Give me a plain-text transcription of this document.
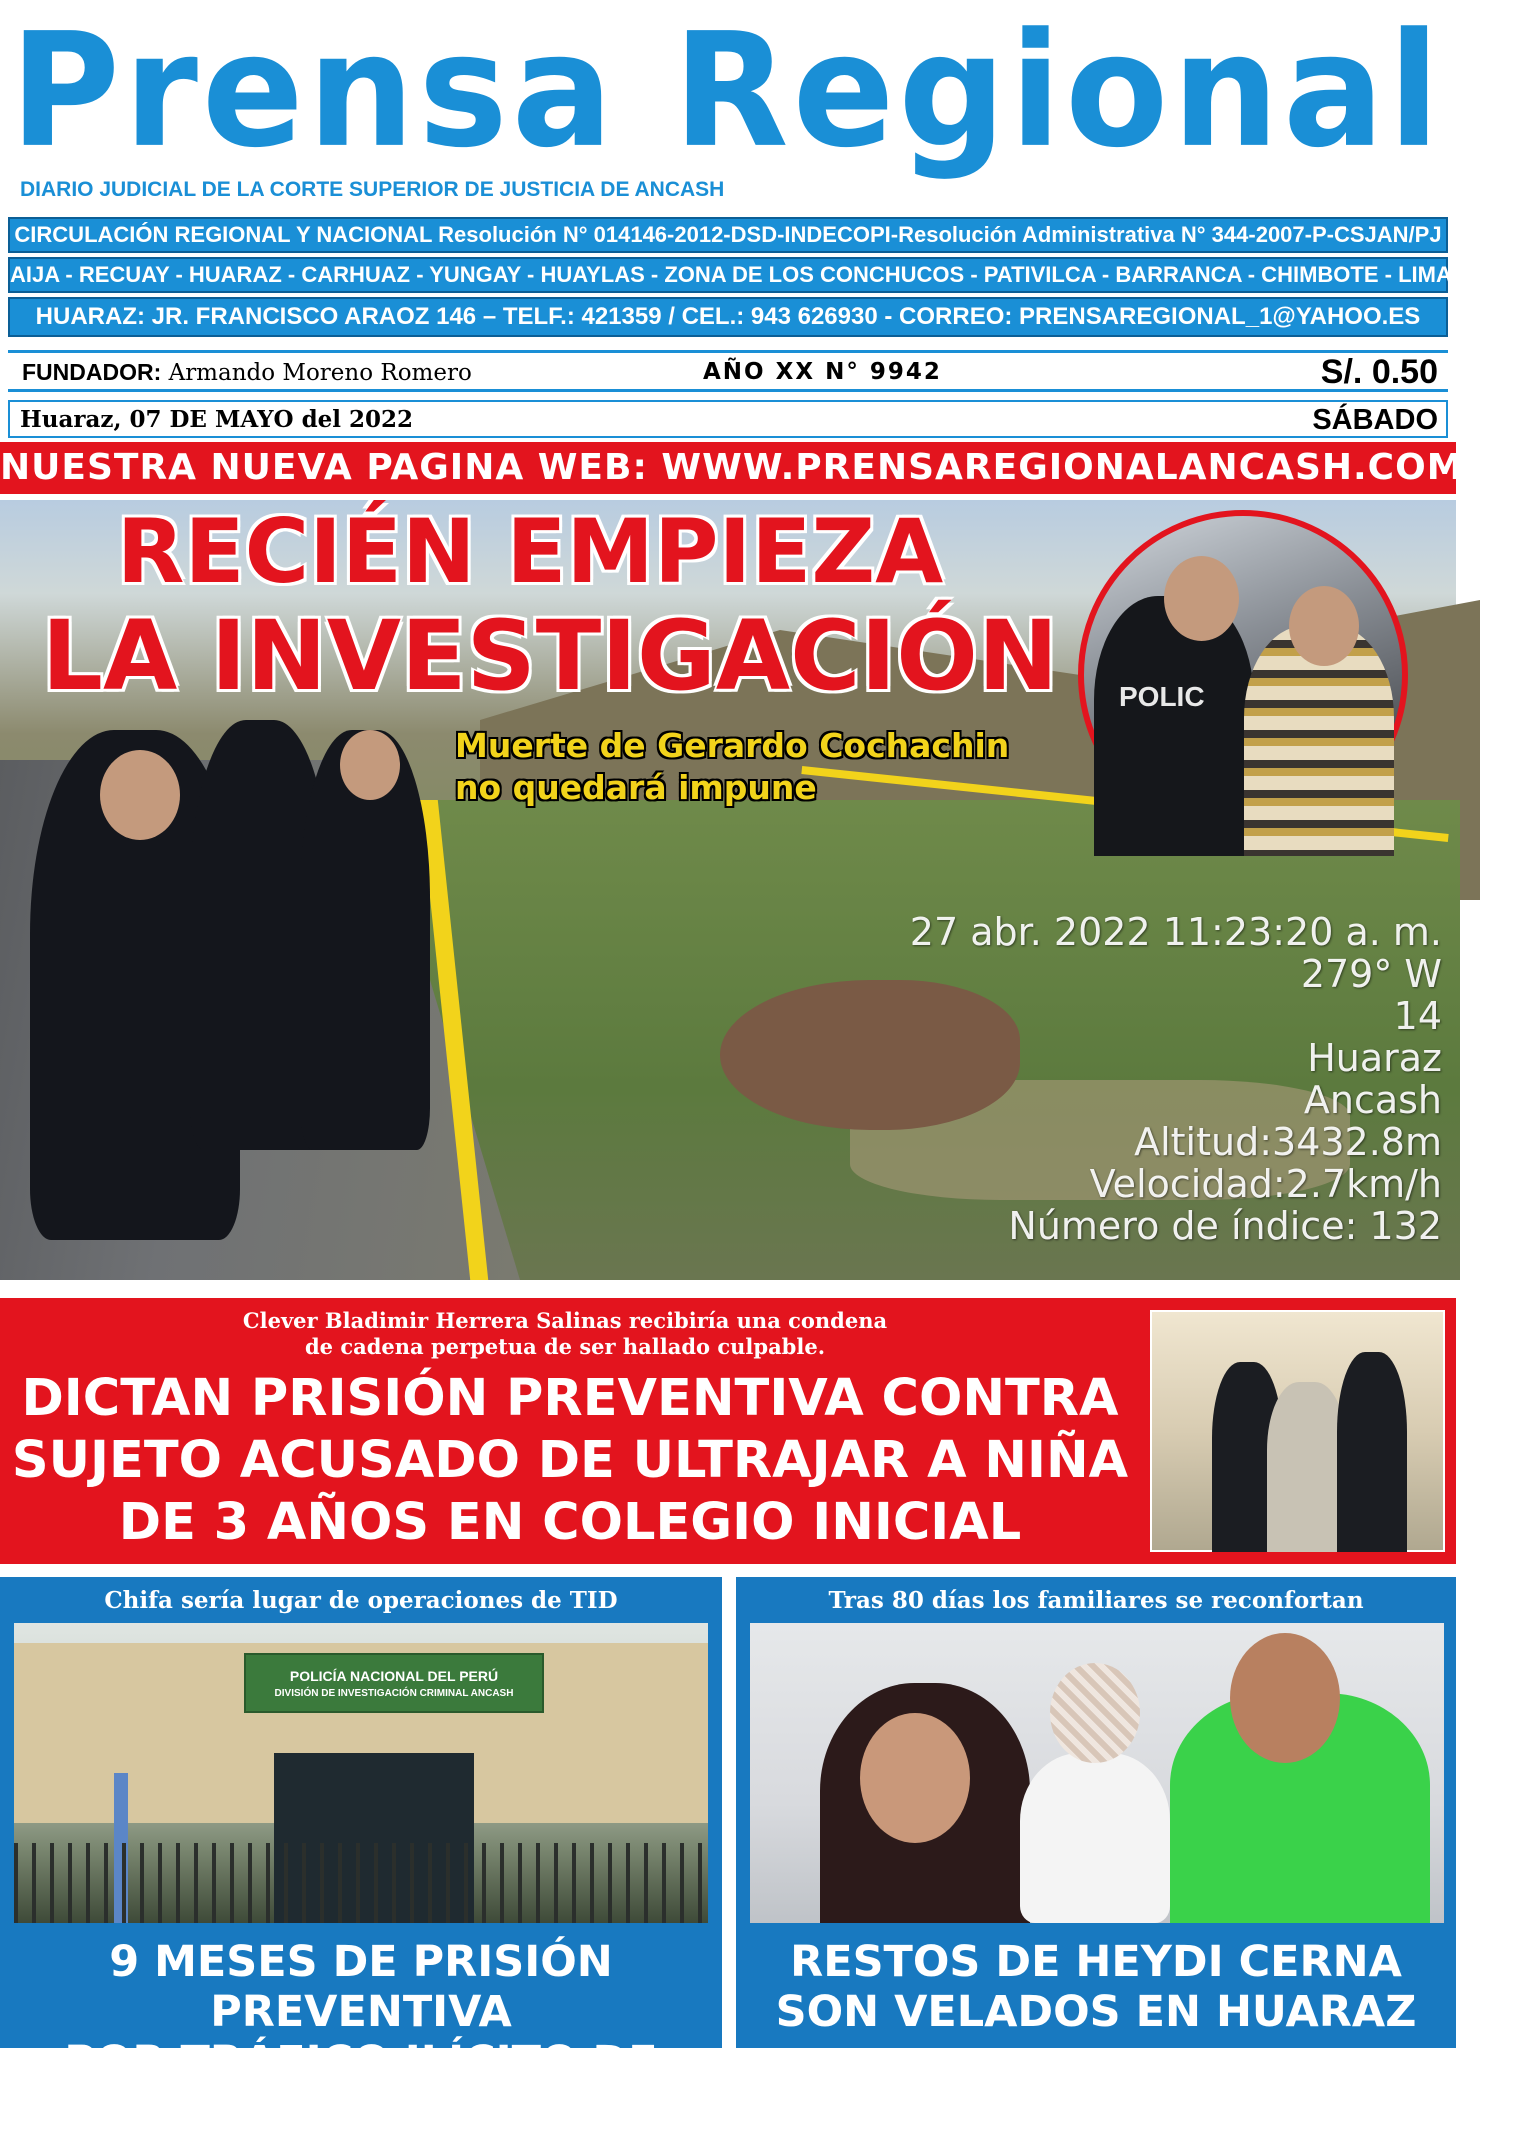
Prensa Regional
DIARIO JUDICIAL DE LA CORTE SUPERIOR DE JUSTICIA DE ANCASH
CIRCULACIÓN REGIONAL Y NACIONAL Resolución N° 014146-2012-DSD-INDECOPI-Resolución Administrativa N° 344-2007-P-CSJAN/PJ
AIJA - RECUAY - HUARAZ - CARHUAZ - YUNGAY - HUAYLAS - ZONA DE LOS CONCHUCOS - PATIVILCA - BARRANCA - CHIMBOTE - LIMA NORTE
HUARAZ: JR. FRANCISCO ARAOZ 146 – TELF.: 421359 / CEL.: 943 626930 - CORREO: PRENSAREGIONAL_1@YAHOO.ES
FUNDADOR: Armando Moreno Romero	AÑO XX N° 9942	S/. 0.50
Huaraz, 07 DE MAYO del 2022	SÁBADO
NUESTRA NUEVA PAGINA WEB: WWW.PRENSAREGIONALANCASH.COM
RECIÉN EMPIEZA
LA INVESTIGACIÓN
Muerte de Gerardo Cochachin
no quedará impune
POLIC
27 abr. 2022 11:23:20 a. m.
279° W
14
Huaraz
Ancash
Altitud:3432.8m
Velocidad:2.7km/h
Número de índice: 132
Clever Bladimir Herrera Salinas recibiría una condena
de cadena perpetua de ser hallado culpable.
DICTAN PRISIÓN PREVENTIVA CONTRA
SUJETO ACUSADO DE ULTRAJAR A NIÑA
DE 3 AÑOS EN COLEGIO INICIAL
Chifa sería lugar de operaciones de TID
POLICÍA NACIONAL DEL PERÚ
DIVISIÓN DE INVESTIGACIÓN CRIMINAL ANCASH
9 MESES DE PRISIÓN PREVENTIVA
POR TRÁFICO ILÍCITO DE DROGAS
Tras 80 días los familiares se reconfortan
RESTOS DE HEYDI CERNA
SON VELADOS EN HUARAZ
